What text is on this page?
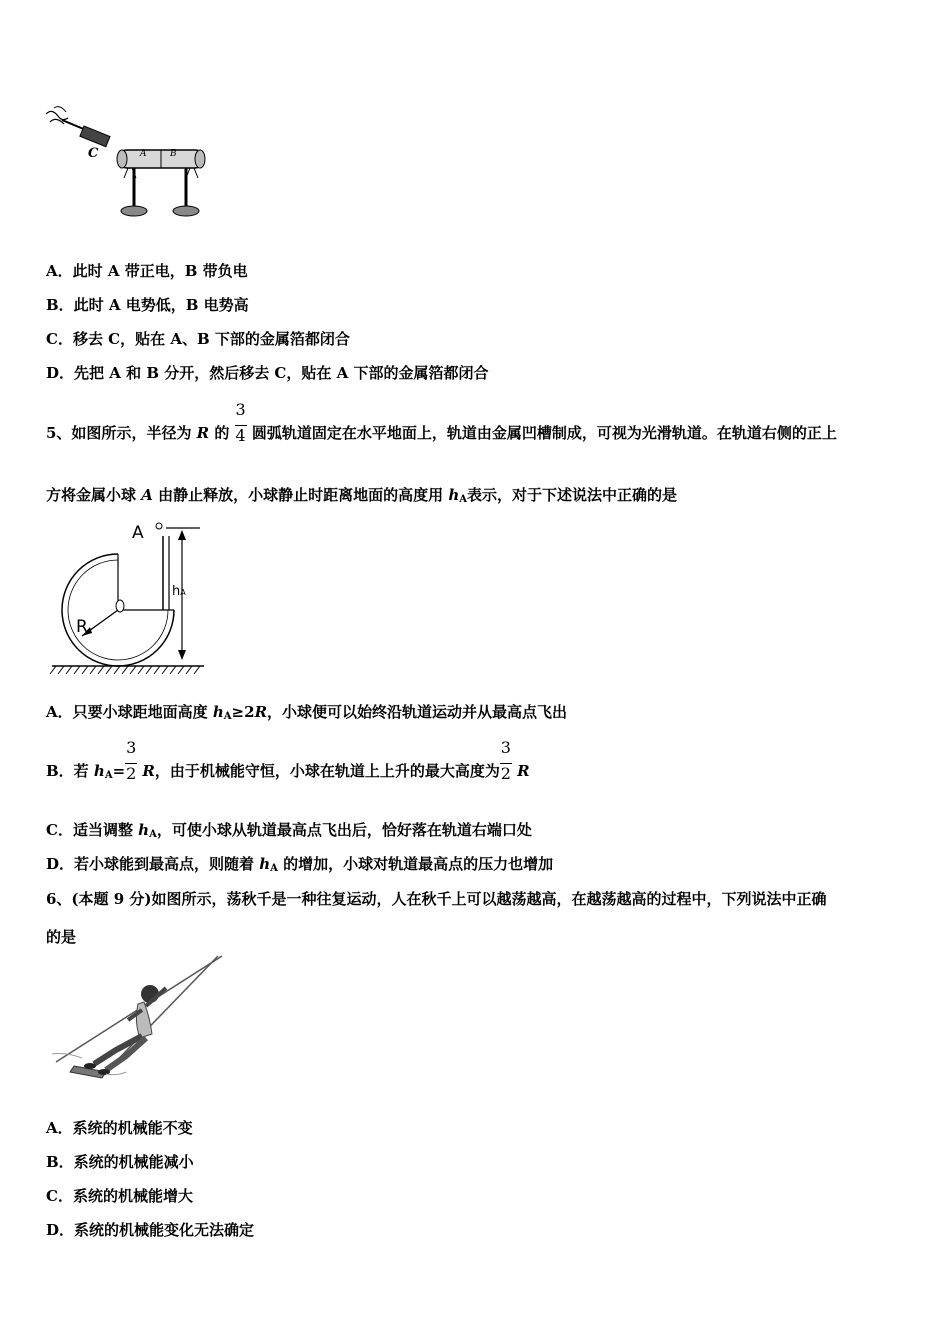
C	A	B
A．此时 A 带正电，B 带负电
B．此时 A 电势低，B 电势高
C．移去 C，贴在 A、B 下部的金属箔都闭合
D．先把 A 和 B 分开，然后移去 C，贴在 A 下部的金属箔都闭合
5、如图所示，半径为 R 的 $\frac{3}{4}$ 圆弧轨道固定在水平地面上，轨道由金属凹槽制成，可视为光滑轨道。在轨道右侧的正上
方将金属小球 A 由静止释放，小球静止时距离地面的高度用 $h_A$表示，对于下述说法中正确的是
A
R
hA
A．只要小球距地面高度 $h_A\ge 2R$，小球便可以始终沿轨道运动并从最高点飞出
B．若 $h_A= \frac{3}{2}$ R，由于机械能守恒，小球在轨道上上升的最大高度为 $\frac{3}{2}$ R
C．适当调整 $h_A$，可使小球从轨道最高点飞出后，恰好落在轨道右端口处
D．若小球能到最高点，则随着 $h_A$ 的增加，小球对轨道最高点的压力也增加
6、(本题 9 分)如图所示，荡秋千是一种往复运动，人在秋千上可以越荡越高，在越荡越高的过程中，下列说法中正确
的是
A．系统的机械能不变
B．系统的机械能减小
C．系统的机械能增大
D．系统的机械能变化无法确定
